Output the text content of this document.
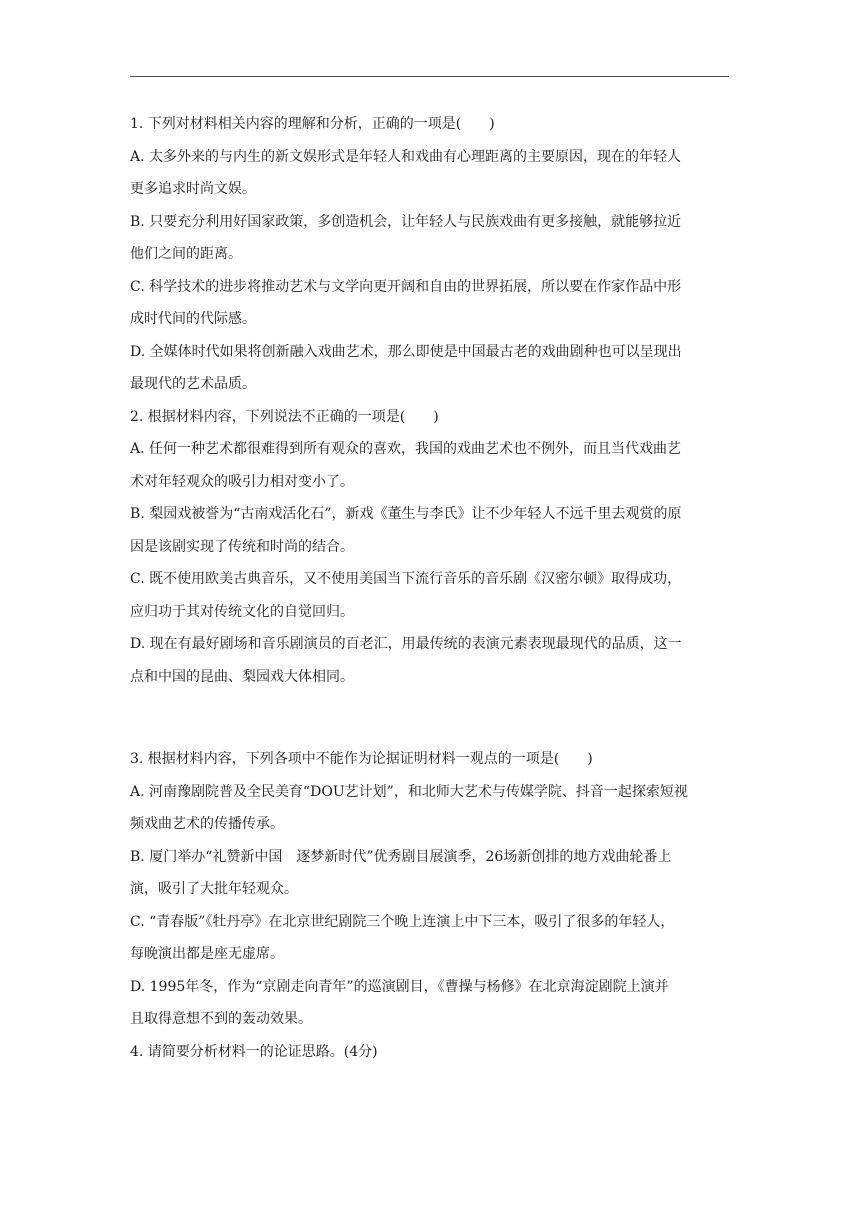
1. 下列对材料相关内容的理解和分析，正确的一项是(　　)

A. 太多外来的与内生的新文娱形式是年轻人和戏曲有心理距离的主要原因，现在的年轻人
更多追求时尚文娱。

B. 只要充分利用好国家政策，多创造机会，让年轻人与民族戏曲有更多接触，就能够拉近
他们之间的距离。

C. 科学技术的进步将推动艺术与文学向更开阔和自由的世界拓展，所以要在作家作品中形
成时代间的代际感。

D. 全媒体时代如果将创新融入戏曲艺术，那么即使是中国最古老的戏曲剧种也可以呈现出
最现代的艺术品质。

2. 根据材料内容，下列说法不正确的一项是(　　)

A. 任何一种艺术都很难得到所有观众的喜欢，我国的戏曲艺术也不例外，而且当代戏曲艺
术对年轻观众的吸引力相对变小了。

B. 梨园戏被誉为“古南戏活化石”，新戏《董生与李氏》让不少年轻人不远千里去观赏的原
因是该剧实现了传统和时尚的结合。

C. 既不使用欧美古典音乐，又不使用美国当下流行音乐的音乐剧《汉密尔顿》取得成功，
应归功于其对传统文化的自觉回归。

D. 现在有最好剧场和音乐剧演员的百老汇，用最传统的表演元素表现最现代的品质，这一
点和中国的昆曲、梨园戏大体相同。

3. 根据材料内容，下列各项中不能作为论据证明材料一观点的一项是(　　)

A. 河南豫剧院普及全民美育“DOU艺计划”，和北师大艺术与传媒学院、抖音一起探索短视
频戏曲艺术的传播传承。

B. 厦门举办“礼赞新中国　逐梦新时代”优秀剧目展演季，26场新创排的地方戏曲轮番上
演，吸引了大批年轻观众。

C. “青春版”《牡丹亭》在北京世纪剧院三个晚上连演上中下三本，吸引了很多的年轻人，
每晚演出都是座无虚席。

D. 1995年冬，作为“京剧走向青年”的巡演剧目，《曹操与杨修》在北京海淀剧院上演并
且取得意想不到的轰动效果。

4. 请简要分析材料一的论证思路。(4分)
